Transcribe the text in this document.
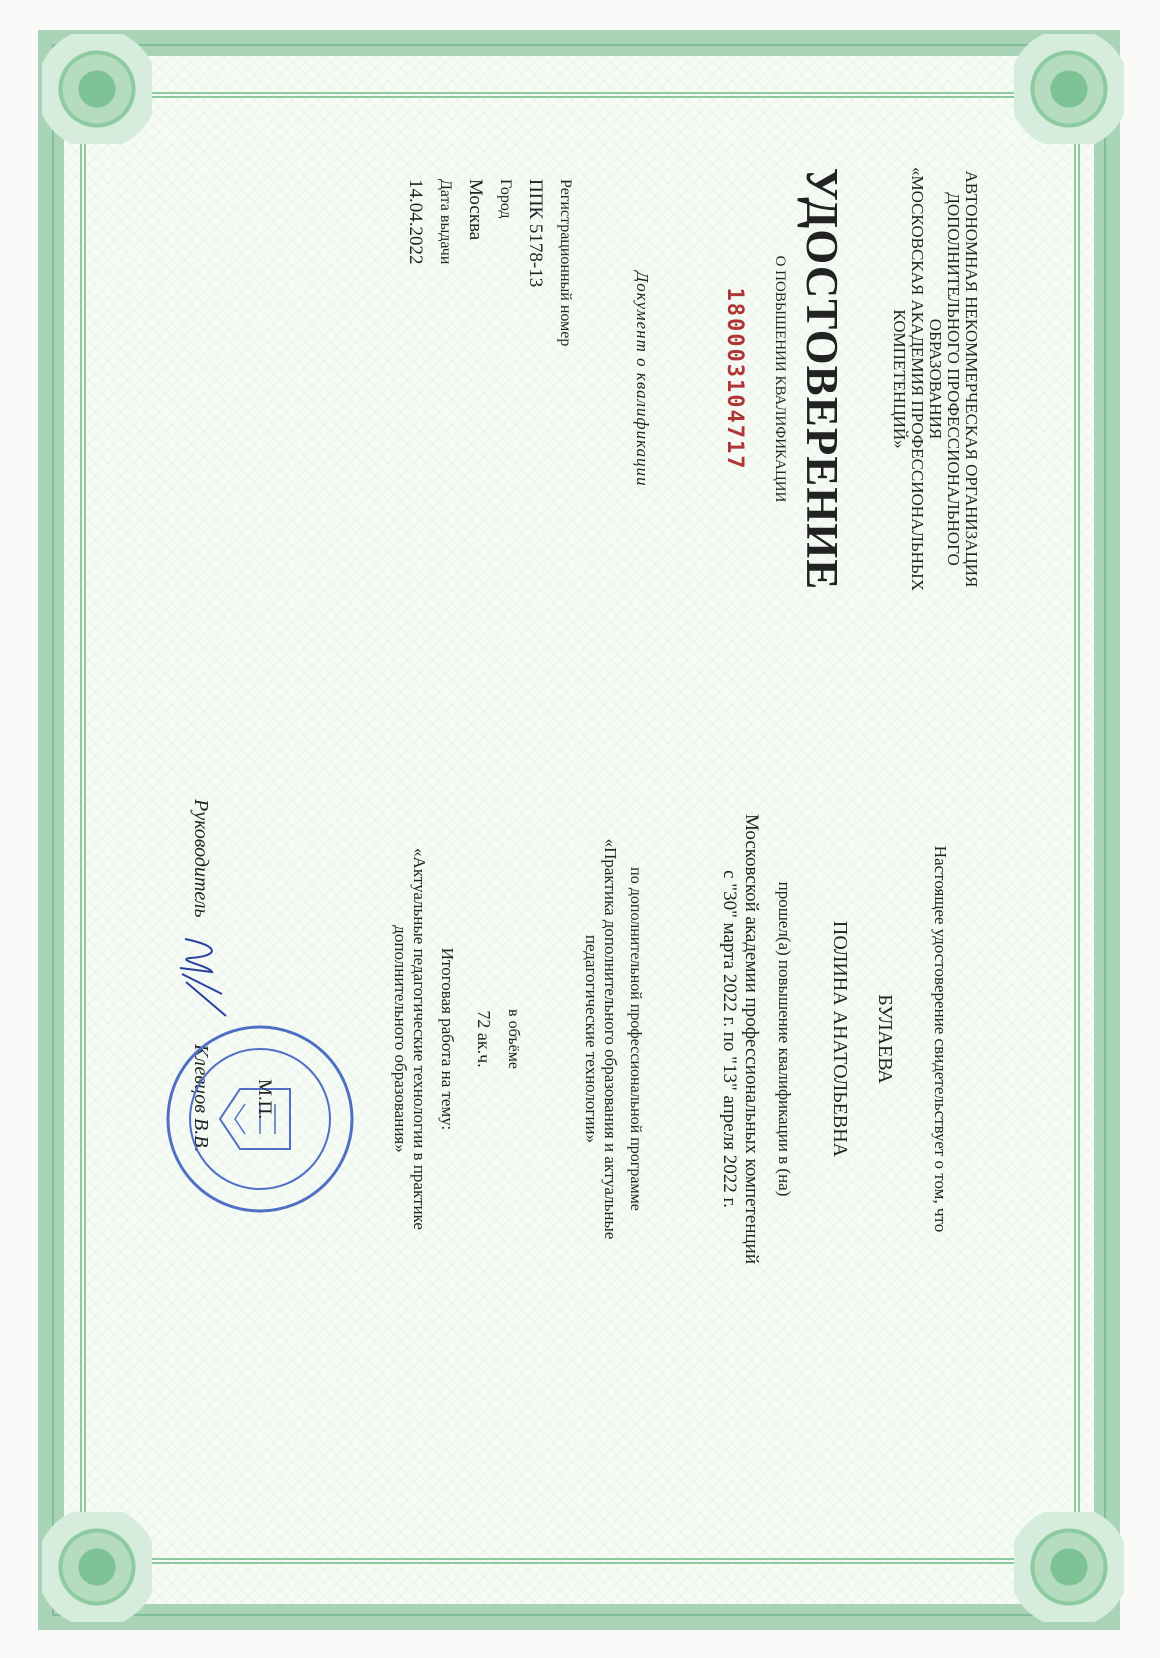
АВТОНОМНАЯ НЕКОММЕРЧЕСКАЯ ОРГАНИЗАЦИЯ

ДОПОЛНИТЕЛЬНОГО ПРОФЕССИОНАЛЬНОГО ОБРАЗОВАНИЯ

«МОСКОВСКАЯ АКАДЕМИЯ ПРОФЕССИОНАЛЬНЫХ КОМПЕТЕНЦИЙ»

УДОСТОВЕРЕНИЕ

О ПОВЫШЕНИИ КВАЛИФИКАЦИИ

180003104717

Документ о квалификации

Регистрационный номер

ППК 5178-13

Город

Москва

Дата выдачи

14.04.2022

Настоящее удостоверение свидетельствует о том, что

БУЛАЕВА

ПОЛИНА АНАТОЛЬЕВНА

прошел(а) повышение квалификации в (на)

Московской академии профессиональных компетенций

с "30" марта 2022 г. по "13" апреля 2022 г.

по дополнительной профессиональной программе

«Практика дополнительного образования и актуальные

педагогические технологии»

в объёме

72 ак.ч.

Итоговая работа на тему:

«Актуальные педагогические технологии в практике

дополнительного образования»

Руководитель
Клевцов В.В. М.П.
